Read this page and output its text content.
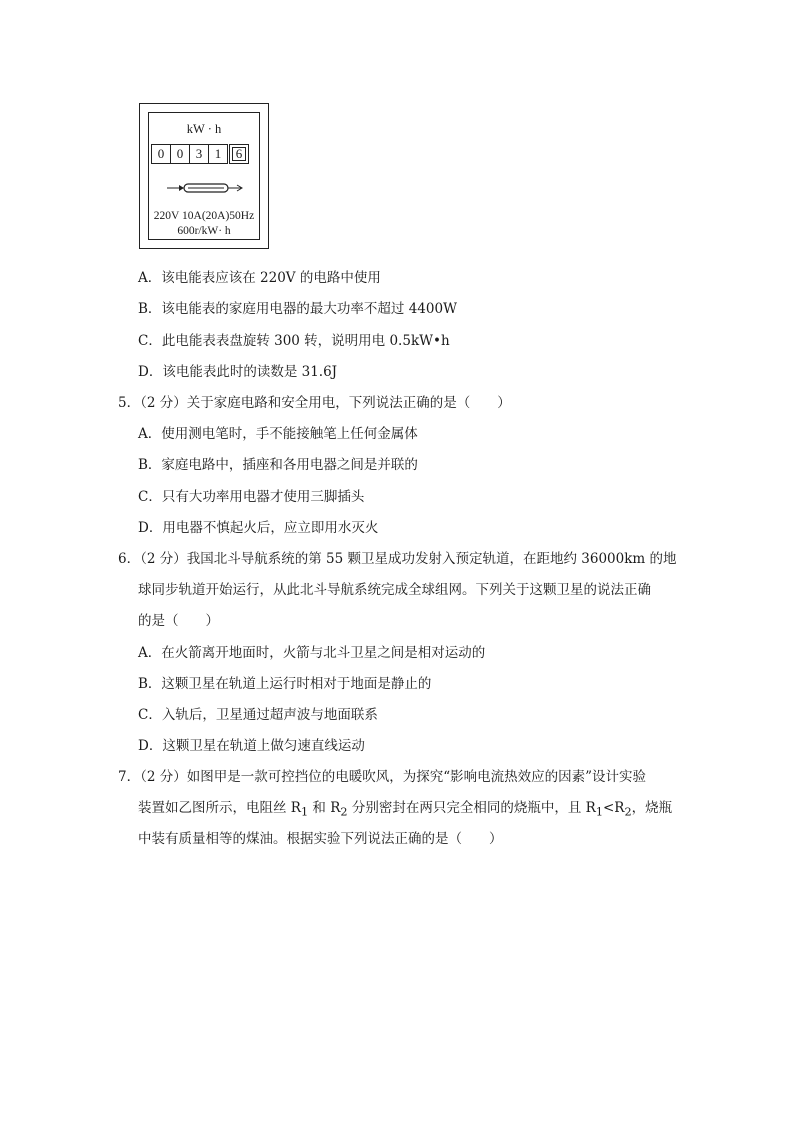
kW · h
0 0 3 1	6
220V 10A(20A)50Hz
600r/kW· h
A．该电能表应该在 220V 的电路中使用
B．该电能表的家庭用电器的最大功率不超过 4400W
C．此电能表表盘旋转 300 转，说明用电 0.5kW•h
D．该电能表此时的读数是 31.6J
5．（2 分）关于家庭电路和安全用电，下列说法正确的是（　　）
A．使用测电笔时，手不能接触笔上任何金属体
B．家庭电路中，插座和各用电器之间是并联的
C．只有大功率用电器才使用三脚插头
D．用电器不慎起火后，应立即用水灭火
6．（2 分）我国北斗导航系统的第 55 颗卫星成功发射入预定轨道，在距地约 36000km 的地
球同步轨道开始运行，从此北斗导航系统完成全球组网。下列关于这颗卫星的说法正确
的是（　　）
A．在火箭离开地面时，火箭与北斗卫星之间是相对运动的
B．这颗卫星在轨道上运行时相对于地面是静止的
C．入轨后，卫星通过超声波与地面联系
D．这颗卫星在轨道上做匀速直线运动
7．（2 分）如图甲是一款可控挡位的电暖吹风，为探究“影响电流热效应的因素”设计实验
装置如乙图所示，电阻丝 $R_1$ 和 $R_2$ 分别密封在两只完全相同的烧瓶中，且 $R_1<R_2$，烧瓶
中装有质量相等的煤油。根据实验下列说法正确的是（　　）
